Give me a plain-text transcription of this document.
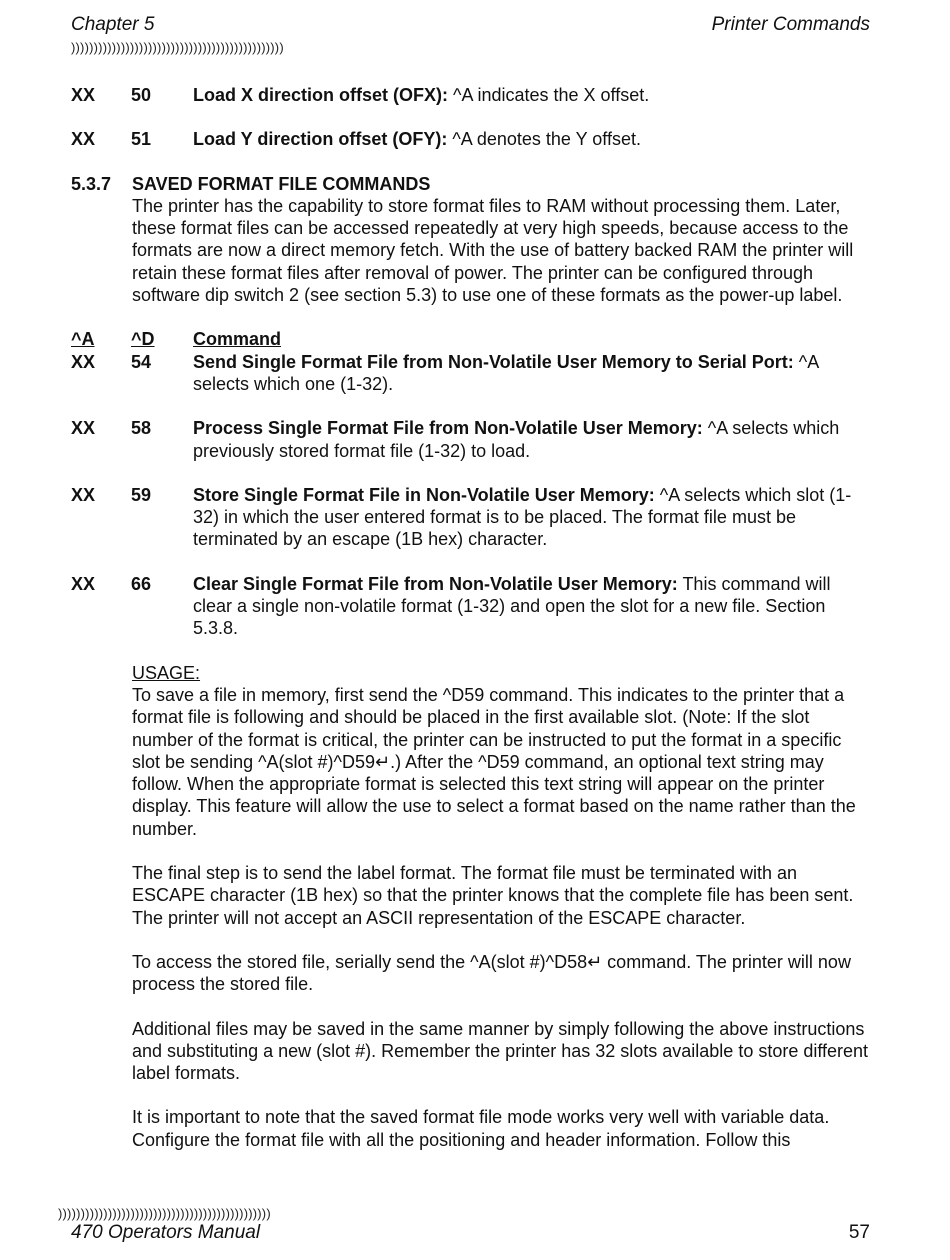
Chapter 5	Printer Commands
)))))))))))))))))))))))))))))))))))))))))))))))
XX 50 Load X direction offset (OFX): ^A indicates the X offset.

XX 51 Load Y direction offset (OFY): ^A denotes the Y offset.

5.3.7 SAVED FORMAT FILE COMMANDS

The printer has the capability to store format files to RAM without processing them. Later, these format files can be accessed repeatedly at very high speeds, because access to the formats are now a direct memory fetch. With the use of battery backed RAM the printer will retain these format files after removal of power. The printer can be configured through software dip switch 2 (see section 5.3) to use one of these formats as the power-up label.

^A ^D Command

XX 54 Send Single Format File from Non-Volatile User Memory to Serial Port: ^A selects which one (1-32).

XX 58 Process Single Format File from Non-Volatile User Memory: ^A selects which previously stored format file (1-32) to load.

XX 59 Store Single Format File in Non-Volatile User Memory: ^A selects which slot (1-32) in which the user entered format is to be placed. The format file must be terminated by an escape (1B hex) character.

XX 66 Clear Single Format File from Non-Volatile User Memory: This command will clear a single non-volatile format (1-32) and open the slot for a new file. Section 5.3.8.

USAGE:

To save a file in memory, first send the ^D59 command. This indicates to the printer that a format file is following and should be placed in the first available slot. (Note: If the slot number of the format is critical, the printer can be instructed to put the format in a specific slot be sending ^A(slot #)^D59↵.) After the ^D59 command, an optional text string may follow. When the appropriate format is selected this text string will appear on the printer display. This feature will allow the use to select a format based on the name rather than the number.

The final step is to send the label format. The format file must be terminated with an ESCAPE character (1B hex) so that the printer knows that the complete file has been sent. The printer will not accept an ASCII representation of the ESCAPE character.

To access the stored file, serially send the ^A(slot #)^D58↵ command. The printer will now process the stored file.

Additional files may be saved in the same manner by simply following the above instructions and substituting a new (slot #). Remember the printer has 32 slots available to store different label formats.

It is important to note that the saved format file mode works very well with variable data. Configure the format file with all the positioning and header information. Follow this

)))))))))))))))))))))))))))))))))))))))))))))))
470 Operators Manual	57
